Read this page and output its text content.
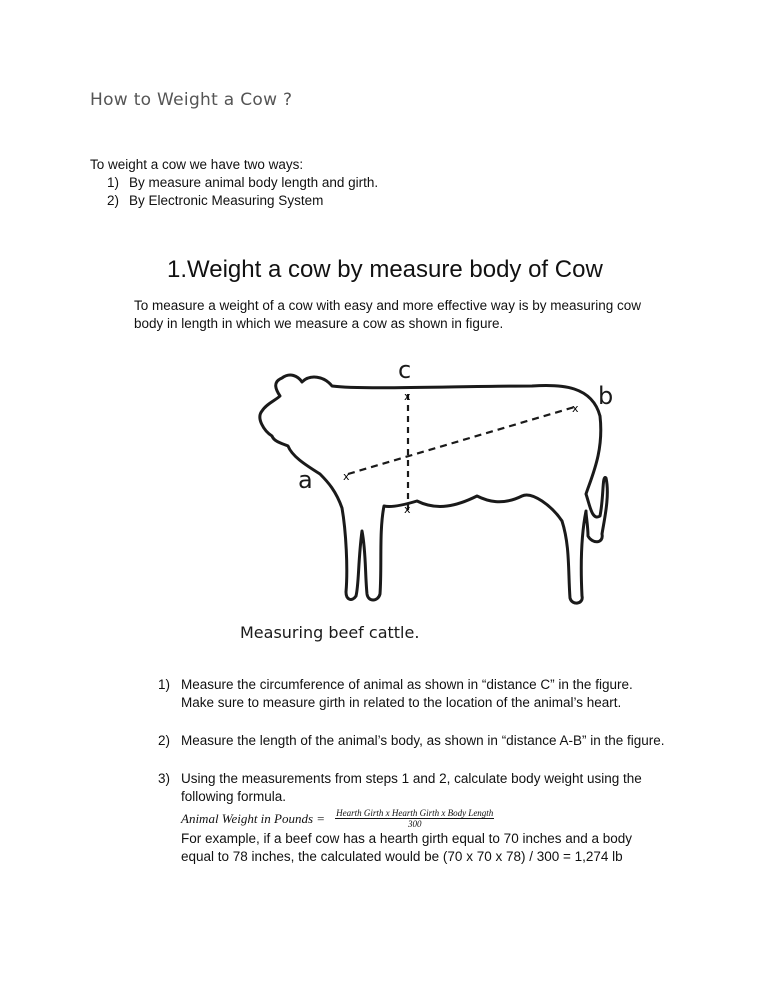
How to Weight a Cow ?
To weight a cow we have two ways:
1) By measure animal body length and girth.
2) By Electronic Measuring System
1.Weight a cow by measure body of Cow
To measure a weight of a cow with easy and more effective way is by measuring cow
body in length in which we measure a cow as shown in figure.
x
x
x
x
c
b
a
Measuring beef cattle.
1) Measure the circumference of animal as shown in “distance C” in the figure.
Make sure to measure girth in related to the location of the animal’s heart.
2) Measure the length of the animal’s body, as shown in “distance A-B” in the figure.
3) Using the measurements from steps 1 and 2, calculate body weight using the
following formula.
Animal Weight in Pounds = $\frac{\text{Hearth Girth x Hearth Girth x Body Length}}{300}$
For example, if a beef cow has a hearth girth equal to 70 inches and a body
equal to 78 inches, the calculated would be (70 x 70 x 78) / 300 = 1,274 lb
